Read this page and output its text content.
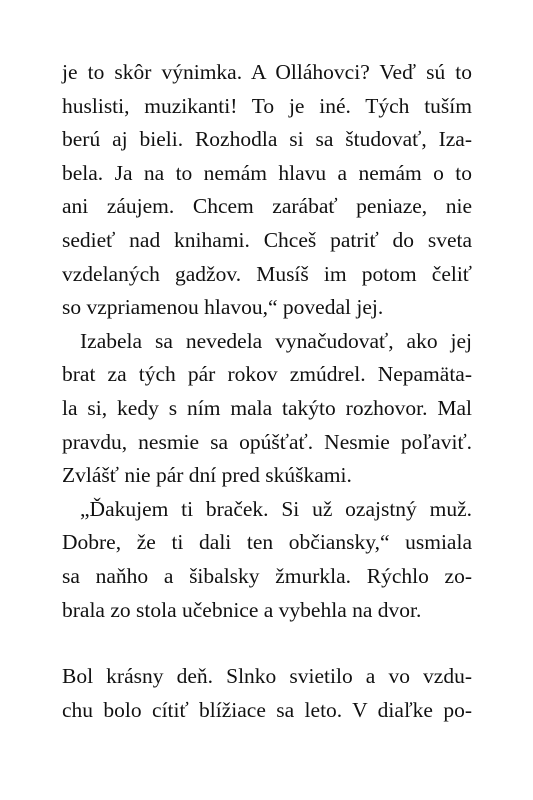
je to skôr výnimka. A Olláhovci? Veď sú to
huslisti, muzikanti! To je iné. Tých tuším
berú aj bieli. Rozhodla si sa študovať, Iza-
bela. Ja na to nemám hlavu a nemám o to
ani záujem. Chcem zarábať peniaze, nie
sedieť nad knihami. Chceš patriť do sveta
vzdelaných gadžov. Musíš im potom čeliť
so vzpriamenou hlavou,“ povedal jej.
Izabela sa nevedela vynačudovať, ako jej
brat za tých pár rokov zmúdrel. Nepamäta-
la si, kedy s ním mala takýto rozhovor. Mal
pravdu, nesmie sa opúšťať. Nesmie poľaviť.
Zvlášť nie pár dní pred skúškami.
„Ďakujem ti braček. Si už ozajstný muž.
Dobre, že ti dali ten občiansky,“ usmiala
sa naňho a šibalsky žmurkla. Rýchlo zo-
brala zo stola učebnice a vybehla na dvor.
Bol krásny deň. Slnko svietilo a vo vzdu-
chu bolo cítiť blížiace sa leto. V diaľke po-
